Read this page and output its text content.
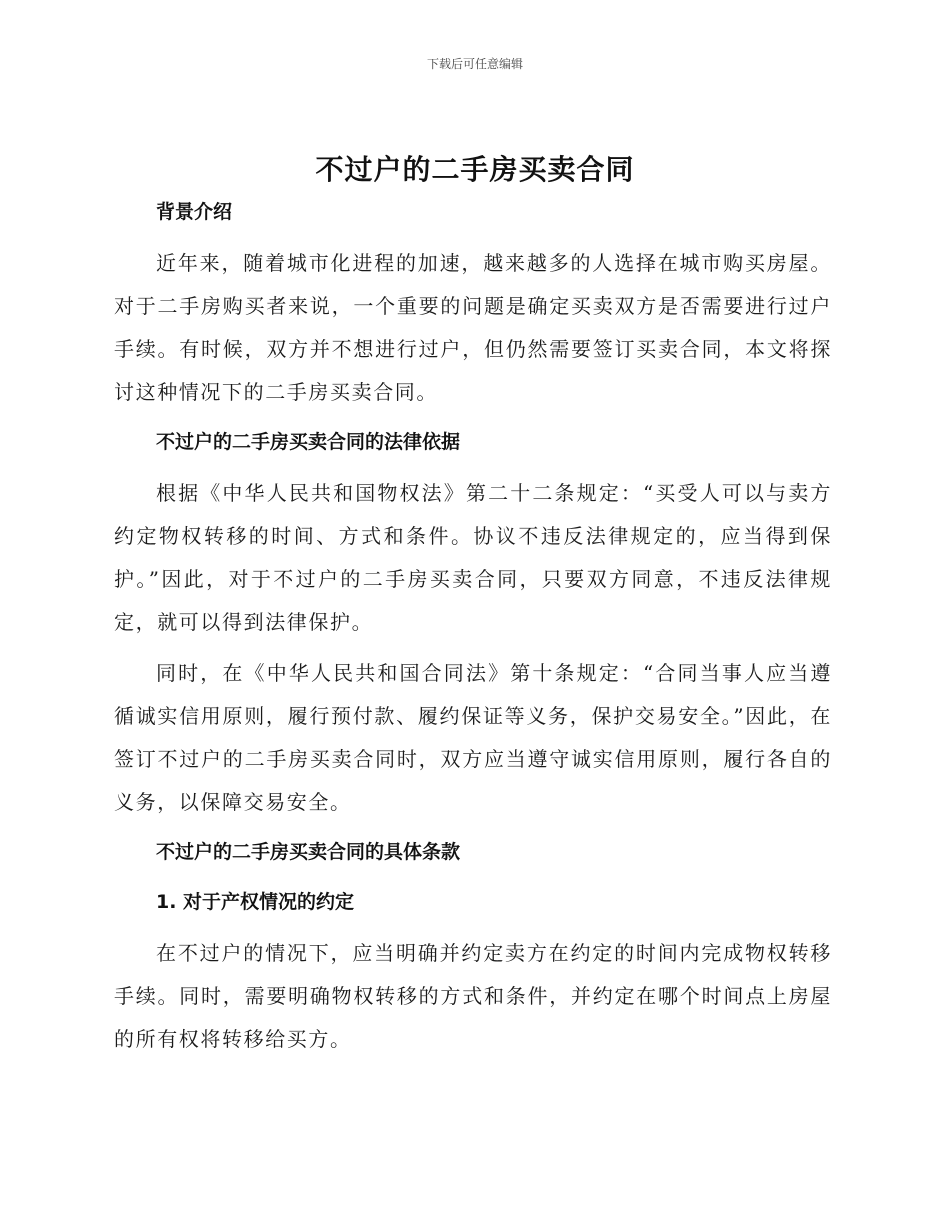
下载后可任意编辑
不过户的二手房买卖合同
背景介绍

近年来，随着城市化进程的加速，越来越多的人选择在城市购买房屋。对于二手房购买者来说，一个重要的问题是确定买卖双方是否需要进行过户手续。有时候，双方并不想进行过户，但仍然需要签订买卖合同，本文将探讨这种情况下的二手房买卖合同。

不过户的二手房买卖合同的法律依据

根据《中华人民共和国物权法》第二十二条规定：“买受人可以与卖方约定物权转移的时间、方式和条件。协议不违反法律规定的，应当得到保护。”因此，对于不过户的二手房买卖合同，只要双方同意，不违反法律规定，就可以得到法律保护。

同时，在《中华人民共和国合同法》第十条规定：“合同当事人应当遵循诚实信用原则，履行预付款、履约保证等义务，保护交易安全。”因此，在签订不过户的二手房买卖合同时，双方应当遵守诚实信用原则，履行各自的义务，以保障交易安全。

不过户的二手房买卖合同的具体条款
1. 对于产权情况的约定

在不过户的情况下，应当明确并约定卖方在约定的时间内完成物权转移手续。同时，需要明确物权转移的方式和条件，并约定在哪个时间点上房屋的所有权将转移给买方。
